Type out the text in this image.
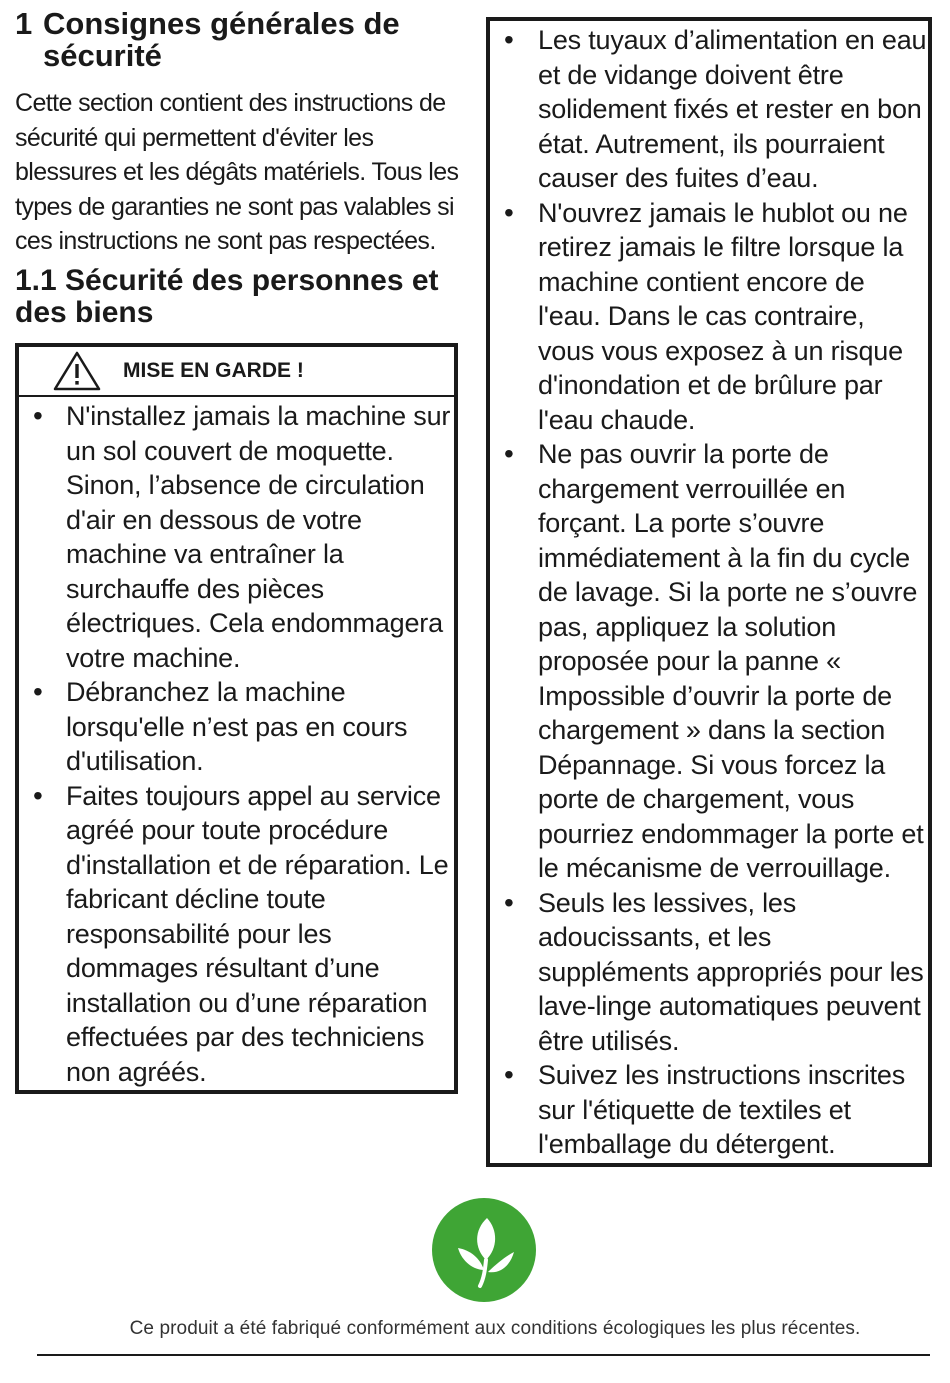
1 Consignes générales de sécurité

Cette section contient des instructions de sécurité qui permettent d'éviter les blessures et les dégâts matériels. Tous les types de garanties ne sont pas valables si ces instructions ne sont pas respectées.

1.1 Sécurité des personnes et des biens
MISE EN GARDE !
• N'installez jamais la machine sur un sol couvert de moquette. Sinon, l’absence de circulation d'air en dessous de votre machine va entraîner la surchauffe des pièces électriques. Cela endommagera votre machine.
• Débranchez la machine lorsqu'elle n’est pas en cours d'utilisation.
• Faites toujours appel au service agréé pour toute procédure d'installation et de réparation. Le fabricant décline toute responsabilité pour les dommages résultant d’une installation ou d’une réparation effectuées par des techniciens non agréés.
• Les tuyaux d’alimentation en eau et de vidange doivent être solidement fixés et rester en bon état. Autrement, ils pourraient causer des fuites d’eau.
• N'ouvrez jamais le hublot ou ne retirez jamais le filtre lorsque la machine contient encore de l'eau. Dans le cas contraire, vous vous exposez à un risque d'inondation et de brûlure par l'eau chaude.
• Ne pas ouvrir la porte de chargement verrouillée en forçant. La porte s’ouvre immédiatement à la fin du cycle de lavage. Si la porte ne s’ouvre pas, appliquez la solution proposée pour la panne « Impossible d’ouvrir la porte de chargement » dans la section Dépannage. Si vous forcez la porte de chargement, vous pourriez endommager la porte et le mécanisme de verrouillage.
• Seuls les lessives, les adoucissants, et les suppléments appropriés pour les lave-linge automatiques peuvent être utilisés.
• Suivez les instructions inscrites sur l'étiquette de textiles et l'emballage du détergent.
Ce produit a été fabriqué conformément aux conditions écologiques les plus récentes.
